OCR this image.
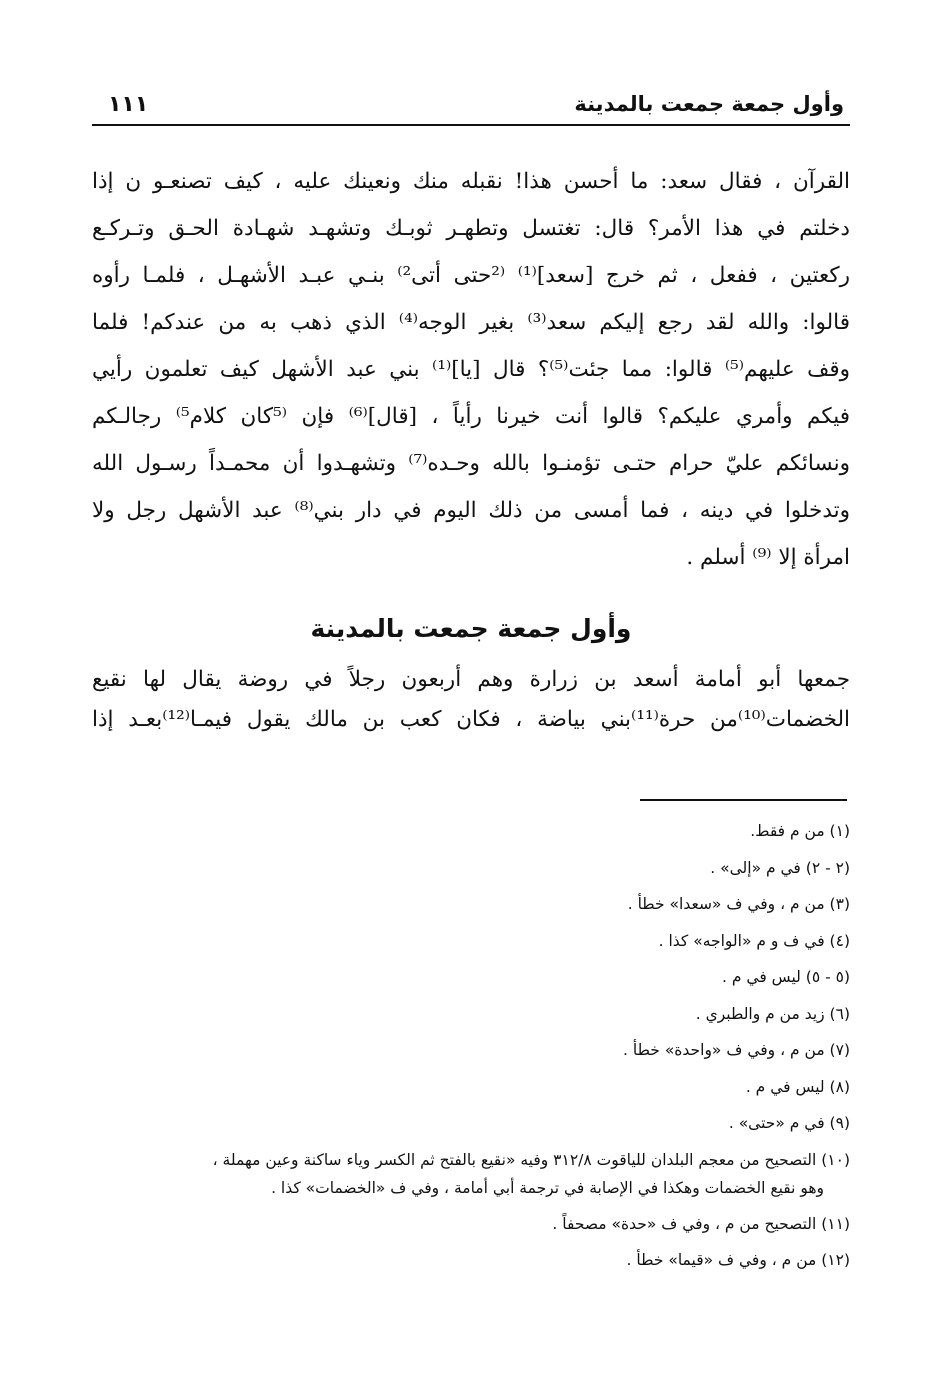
وأول جمعة جمعت بالمدينة
١١١
القرآن ، فقال سعد: ما أحسن هذا! نقبله منك ونعينك عليه ، كيف تصنعـو ن إذا
دخلتم في هذا الأمر؟ قال: تغتسل وتطهـر ثوبـك وتشهـد شهـادة الحـق وتـركـع
ركعتين ، ففعل ، ثم خرج [سعد]⁽¹⁾ ⁽²حتى أتى²⁾ بنـي عبـد الأشهـل ، فلمـا رأوه
قالوا: والله لقد رجع إليكم سعد⁽³⁾ بغير الوجه⁽⁴⁾ الذي ذهب به من عندكم! فلما
وقف عليهم⁽⁵⁾ قالوا: مما جئت⁽⁵⁾؟ قال [يا]⁽¹⁾ بني عبد الأشهل كيف تعلمون رأيي
فيكم وأمري عليكم؟ قالوا أنت خيرنا رأياً ، [قال]⁽⁶⁾ فإن ⁽⁵كان كلام⁵⁾ رجالـكم
ونسائكم عليّ حرام حتـى تؤمنـوا بالله وحـده⁽⁷⁾ وتشهـدوا أن محمـداً رسـول الله
وتدخلوا في دينه ، فما أمسى من ذلك اليوم في دار بني⁽⁸⁾ عبد الأشهل رجل ولا
امرأة إلا ⁽⁹⁾ أسلم .
وأول جمعة جمعت بالمدينة
جمعها أبو أمامة أسعد بن زرارة وهم أربعون رجلاً في روضة يقال لها نقيع
الخضمات⁽¹⁰⁾من حرة⁽¹¹⁾بني بياضة ، فكان كعب بن مالك يقول فيمـا⁽¹²⁾بعـد إذا
(١) من م فقط.
(٢ - ٢) في م «إلى» .
(٣) من م ، وفي ف «سعدا» خطأ .
(٤) في ف و م «الواجه» كذا .
(٥ - ٥) ليس في م .
(٦) زيد من م والطبري .
(٧) من م ، وفي ف «واحدة» خطأ .
(٨) ليس في م .
(٩) في م «حتى» .
(١٠) التصحيح من معجم البلدان للياقوت ٣١٢/٨ وفيه «نقيع بالفتح ثم الكسر وياء ساكنة وعين مهملة ،
وهو نقيع الخضمات وهكذا في الإصابة في ترجمة أبي أمامة ، وفي ف «الخضمات» كذا .
(١١) التصحيح من م ، وفي ف «حدة» مصحفاً .
(١٢) من م ، وفي ف «قيما» خطأ .
